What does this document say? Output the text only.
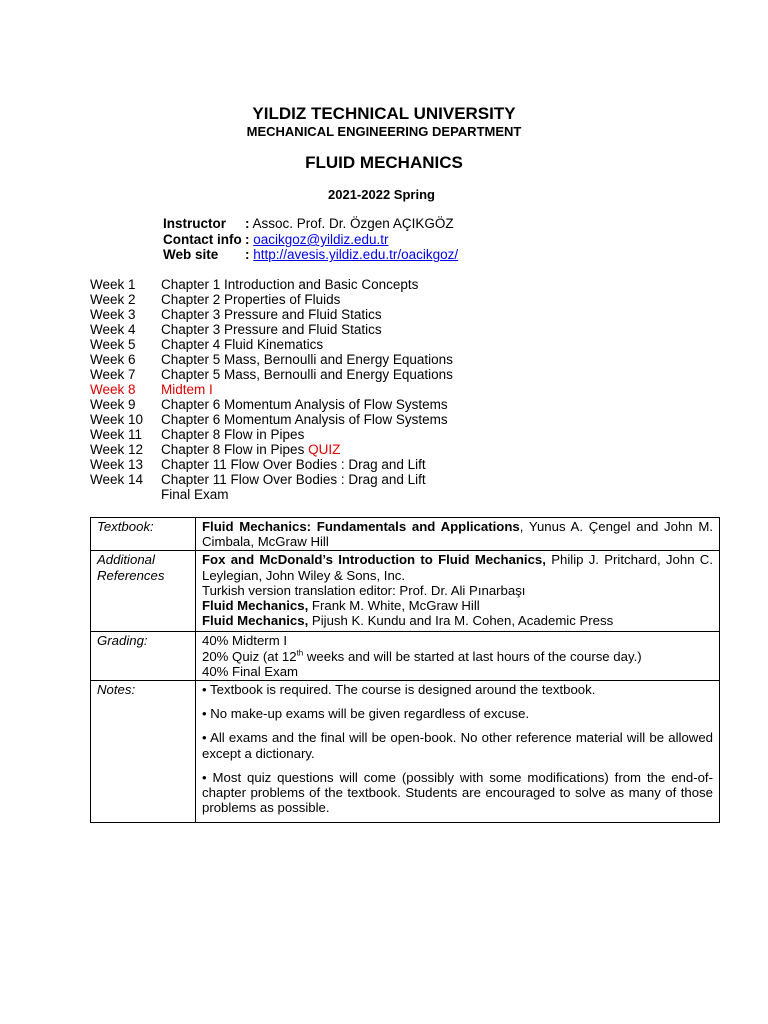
YILDIZ TECHNICAL UNIVERSITY
MECHANICAL ENGINEERING DEPARTMENT
FLUID MECHANICS
2021-2022 Spring
Instructor : Assoc. Prof. Dr. Özgen AÇIKGÖZ
Contact info : oacikgoz@yildiz.edu.tr
Web site : http://avesis.yildiz.edu.tr/oacikgoz/
Week 1 Chapter 1 Introduction and Basic Concepts
Week 2 Chapter 2 Properties of Fluids
Week 3 Chapter 3 Pressure and Fluid Statics
Week 4 Chapter 3 Pressure and Fluid Statics
Week 5 Chapter 4 Fluid Kinematics
Week 6 Chapter 5 Mass, Bernoulli and Energy Equations
Week 7 Chapter 5 Mass, Bernoulli and Energy Equations
Week 8 Midtem I
Week 9 Chapter 6 Momentum Analysis of Flow Systems
Week 10 Chapter 6 Momentum Analysis of Flow Systems
Week 11 Chapter 8 Flow in Pipes
Week 12 Chapter 8 Flow in Pipes QUIZ
Week 13 Chapter 11 Flow Over Bodies : Drag and Lift
Week 14 Chapter 11 Flow Over Bodies : Drag and Lift
Final Exam
Textbook:	Fluid Mechanics: Fundamentals and Applications, Yunus A. Çengel and John M. Cimbala, McGraw Hill
Additional References	Fox and McDonald’s Introduction to Fluid Mechanics, Philip J. Pritchard, John C. Leylegian, John Wiley & Sons, Inc.
Turkish version translation editor: Prof. Dr. Ali Pınarbaşı
Fluid Mechanics, Frank M. White, McGraw Hill
Fluid Mechanics, Pijush K. Kundu and Ira M. Cohen, Academic Press

Grading:	40% Midterm I
20% Quiz (at 12th weeks and will be started at last hours of the course day.)
40% Final Exam

Notes:	• Textbook is required. The course is designed around the textbook.
• No make-up exams will be given regardless of excuse.
• All exams and the final will be open-book. No other reference material will be allowed except a dictionary.
• Most quiz questions will come (possibly with some modifications) from the end-of-chapter problems of the textbook. Students are encouraged to solve as many of those problems as possible.
